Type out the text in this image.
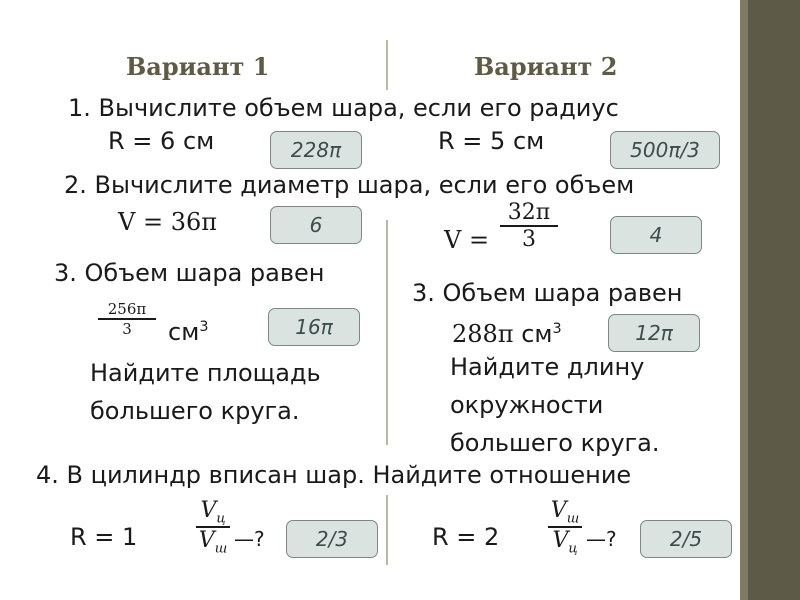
Вариант 1	Вариант 2
1. Вычислите объем шара, если его радиус
R = 6 см	228π	R = 5 см	500π/3
2. Вычислите диаметр шара, если его объем
V = 36π	6
V =
32π
3	4
3. Объем шара равен
256π
3	$см^3$	16π
Найдите площадь
большего круга.
3. Объем шара равен
288π $см^3$	12π
Найдите длину
окружности
большего круга.
4. В цилиндр вписан шар. Найдите отношение
R = 1
$V_ц$
$V_ш$ —?	2/3	R = 2
$V_ш$
$V_ц$ —?	2/5
